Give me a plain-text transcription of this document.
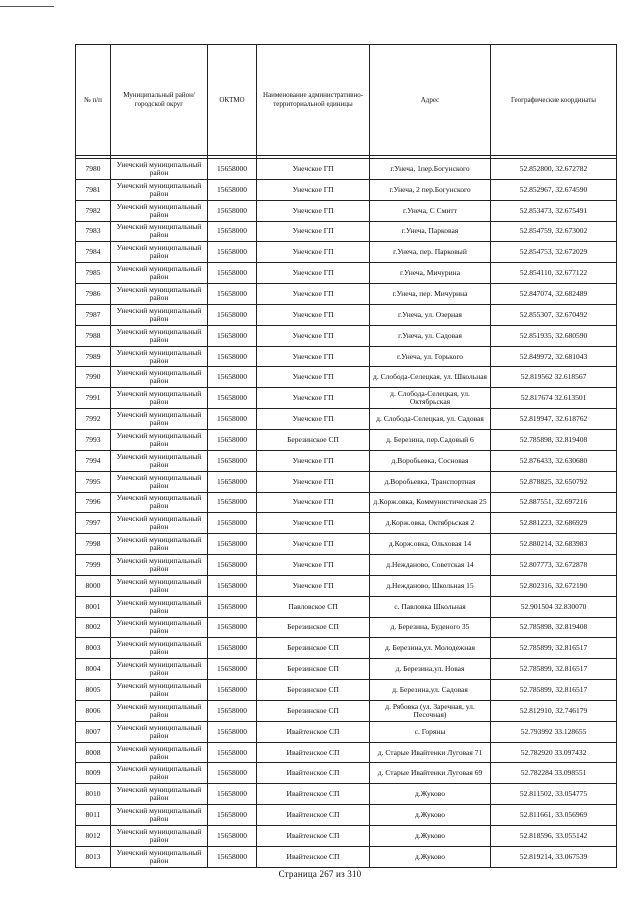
№ п/п	Муниципальный район/городской округ	ОКТМО	Наименование административно-территориальной единицы	Адрес	Географические координаты

7980	Унечский муниципальный район	15658000	Унечское ГП	г.Унеча, 1пер.Богунского	52.852800, 32.672782
7981	Унечский муниципальный район	15658000	Унечское ГП	г.Унеча, 2 пер.Богунского	52.852967, 32.674590
7982	Унечский муниципальный район	15658000	Унечское ГП	г.Унеча, С Смитт	52.853473, 32.675491
7983	Унечский муниципальный район	15658000	Унечское ГП	г.Унеча, Парковая	52.854759, 32.673002
7984	Унечский муниципальный район	15658000	Унечское ГП	г.Унеча, пер. Парковый	52.854753, 32.672029
7985	Унечский муниципальный район	15658000	Унечское ГП	г.Унеча, Мичурина	52.854110, 32.677122
7986	Унечский муниципальный район	15658000	Унечское ГП	г.Унеча, пер. Мичурина	52.847074, 32.682489
7987	Унечский муниципальный район	15658000	Унечское ГП	г.Унеча, ул. Озерная	52.855307, 32.670492
7988	Унечский муниципальный район	15658000	Унечское ГП	г.Унеча, ул. Садовая	52.851935, 32.680590
7989	Унечский муниципальный район	15658000	Унечское ГП	г.Унеча, ул. Горького	52.849972, 32.681043
7990	Унечский муниципальный район	15658000	Унечское ГП	д. Слобода-Селецкая, ул. Школьная	52.819562 32.618567
7991	Унечский муниципальный район	15658000	Унечское ГП	д. Слобода-Селецкая, ул. Октябрьская	52.817674 32.613501
7992	Унечский муниципальный район	15658000	Унечское ГП	д. Слобода-Селецкая, ул. Садовая	52.819947, 32.618762
7993	Унечский муниципальный район	15658000	Березинское СП	д. Березина, пер.Садовый 6	52.785898, 32.819408
7994	Унечский муниципальный район	15658000	Унечское ГП	д.Воробьевка, Сосновая	52.876433, 32.630680
7995	Унечский муниципальный район	15658000	Унечское ГП	д.Воробьевка, Транспортная	52.878825, 32.650792
7996	Унечский муниципальный район	15658000	Унечское ГП	д.Корж.овка, Коммунистическая 25	52.887551, 32.697216
7997	Унечский муниципальный район	15658000	Унечское ГП	д.Корж.овка, Октябрьская 2	52.881223, 32.686929
7998	Унечский муниципальный район	15658000	Унечское ГП	д.Корж.овка, Ольховая 14	52.880214, 32.683983
7999	Унечский муниципальный район	15658000	Унечское ГП	д.Нежданово, Советская 14	52.807773, 32.672878
8000	Унечский муниципальный район	15658000	Унечское ГП	д.Нежданово, Школьная 15	52.802316, 32.672190
8001	Унечский муниципальный район	15658000	Павловское СП	с. Павловка Школьная	52.901504 32.830070
8002	Унечский муниципальный район	15658000	Березинское СП	д. Березина, Буденого 35	52.785898, 32.819408
8003	Унечский муниципальный район	15658000	Березинское СП	д. Березина,ул. Молодежная	52.785899, 32.816517
8004	Унечский муниципальный район	15658000	Березинское СП	д. Березина,ул. Новая	52.785899, 32.816517
8005	Унечский муниципальный район	15658000	Березинское СП	д. Березина,ул. Садовая	52.785899, 32.816517
8006	Унечский муниципальный район	15658000	Березинское СП	д. Рябовка (ул. Заречная, ул. Песочная)	52.812910, 32.746179
8007	Унечский муниципальный район	15658000	Ивайтенское СП	с. Горяны	52.793992 33.128655
8008	Унечский муниципальный район	15658000	Ивайтенское СП	д. Старые Ивайтенки Луговая 71	52.782920 33.097432
8009	Унечский муниципальный район	15658000	Ивайтенское СП	д. Старые Ивайтенки Луговая 69	52.782284 33.098551
8010	Унечский муниципальный район	15658000	Ивайтенское СП	д.Жуково	52.811502, 33.054775
8011	Унечский муниципальный район	15658000	Ивайтенское СП	д.Жуково	52.811661, 33.056969
8012	Унечский муниципальный район	15658000	Ивайтенское СП	д.Жуково	52.818596, 33.055142
8013	Унечский муниципальный район	15658000	Ивайтенское СП	д.Жуково	52.819214, 33.067539
Страница 267 из 310
